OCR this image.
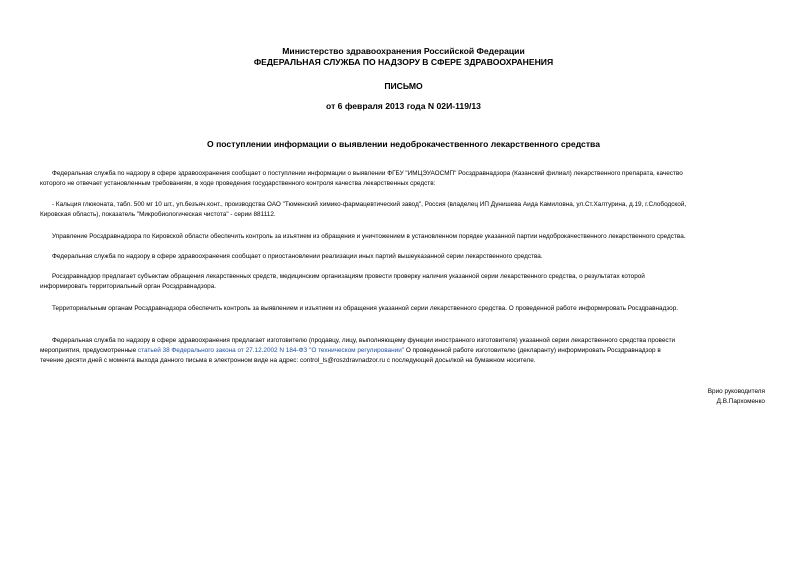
Министерство здравоохранения Российской Федерации
ФЕДЕРАЛЬНАЯ СЛУЖБА ПО НАДЗОРУ В СФЕРЕ ЗДРАВООХРАНЕНИЯ
ПИСЬМО
от 6 февраля 2013 года N 02И-119/13
О поступлении информации о выявлении недоброкачественного лекарственного средства
Федеральная служба по надзору в сфере здравоохранения сообщает о поступлении информации о выявлении ФГБУ "ИМЦЭУАОСМП" Росздравнадзора (Казанский филиал) лекарственного препарата, качество
которого не отвечает установленным требованиям, в ходе проведения государственного контроля качества лекарственных средств:
- Кальция глюконата, табл. 500 мг 10 шт., уп.безъяч.конт., производства ОАО "Тюменский химико-фармацевтический завод", Россия (владелец ИП Дунишева Аида Камиловна, ул.Ст.Халтурина, д.19, г.Слободской,
Кировская область), показатель "Микробиологическая чистота" - серии 881112.
Управление Росздравнадзора по Кировской области обеспечить контроль за изъятием из обращения и уничтожением в установленном порядке указанной партии недоброкачественного лекарственного средства.
Федеральная служба по надзору в сфере здравоохранения сообщает о приостановлении реализации иных партий вышеуказанной серии лекарственного средства.
Росздравнадзор предлагает субъектам обращения лекарственных средств, медицинским организациям провести проверку наличия указанной серии лекарственного средства, о результатах которой
информировать территориальный орган Росздравнадзора.
Территориальным органам Росздравнадзора обеспечить контроль за выявлением и изъятием из обращения указанной серии лекарственного средства. О проведенной работе информировать Росздравнадзор.
Федеральная служба по надзору в сфере здравоохранения предлагает изготовителю (продавцу, лицу, выполняющему функции иностранного изготовителя) указанной серии лекарственного средства провести
мероприятия, предусмотренные статьей 38 Федерального закона от 27.12.2002 N 184-ФЗ "О техническом регулировании" О проведенной работе изготовителю (декларанту) информировать Росздравнадзор в
течение десяти дней с момента выхода данного письма в электронном виде на адрес: control_ls@roszdravnadzor.ru с последующей досылкой на бумажном носителе.
Врио руководителя
Д.В.Пархоменко
